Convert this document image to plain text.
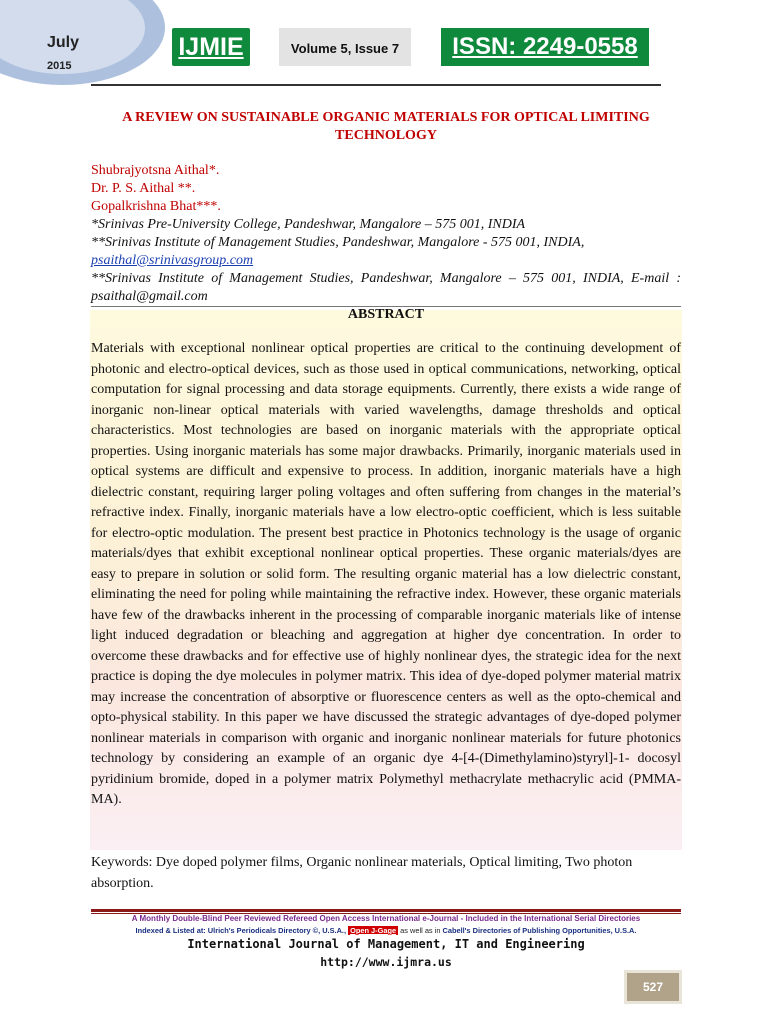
July
2015
IJMIE	Volume 5, Issue 7	ISSN: 2249-0558
A REVIEW ON SUSTAINABLE ORGANIC MATERIALS FOR OPTICAL LIMITING
TECHNOLOGY
Shubrajyotsna Aithal*.
Dr. P. S. Aithal **.
Gopalkrishna Bhat***.
*Srinivas Pre-University College, Pandeshwar, Mangalore – 575 001, INDIA
**Srinivas Institute of Management Studies, Pandeshwar, Mangalore - 575 001, INDIA,
psaithal@srinivasgroup.com
**Srinivas Institute of Management Studies, Pandeshwar, Mangalore – 575 001, INDIA, E-mail : psaithal@gmail.com
ABSTRACT
Materials with exceptional nonlinear optical properties are critical to the continuing development of photonic and electro-optical devices, such as those used in optical communications, networking, optical computation for signal processing and data storage equipments. Currently, there exists a wide range of inorganic non-linear optical materials with varied wavelengths, damage thresholds and optical characteristics. Most technologies are based on inorganic materials with the appropriate optical properties. Using inorganic materials has some major drawbacks. Primarily, inorganic materials used in optical systems are difficult and expensive to process. In addition, inorganic materials have a high dielectric constant, requiring larger poling voltages and often suffering from changes in the material’s refractive index. Finally, inorganic materials have a low electro-optic coefficient, which is less suitable for electro-optic modulation. The present best practice in Photonics technology is the usage of organic materials/dyes that exhibit exceptional nonlinear optical properties. These organic materials/dyes are easy to prepare in solution or solid form. The resulting organic material has a low dielectric constant, eliminating the need for poling while maintaining the refractive index. However, these organic materials have few of the drawbacks inherent in the processing of comparable inorganic materials like of intense light induced degradation or bleaching and aggregation at higher dye concentration. In order to overcome these drawbacks and for effective use of highly nonlinear dyes, the strategic idea for the next practice is doping the dye molecules in polymer matrix. This idea of dye-doped polymer material matrix may increase the concentration of absorptive or fluorescence centers as well as the opto-chemical and opto-physical stability. In this paper we have discussed the strategic advantages of dye-doped polymer nonlinear materials in comparison with organic and inorganic nonlinear materials for future photonics technology by considering an example of an organic dye 4-[4-(Dimethylamino)styryl]-1- docosyl pyridinium bromide, doped in a polymer matrix Polymethyl methacrylate methacrylic acid (PMMA-MA).
Keywords: Dye doped polymer films, Organic nonlinear materials, Optical limiting, Two photon absorption.
A Monthly Double-Blind Peer Reviewed Refereed Open Access International e-Journal - Included in the International Serial Directories
Indexed & Listed at: Ulrich's Periodicals Directory ©, U.S.A., Open J-Gage as well as in Cabell's Directories of Publishing Opportunities, U.S.A.
International Journal of Management, IT and Engineering
http://www.ijmra.us
527
